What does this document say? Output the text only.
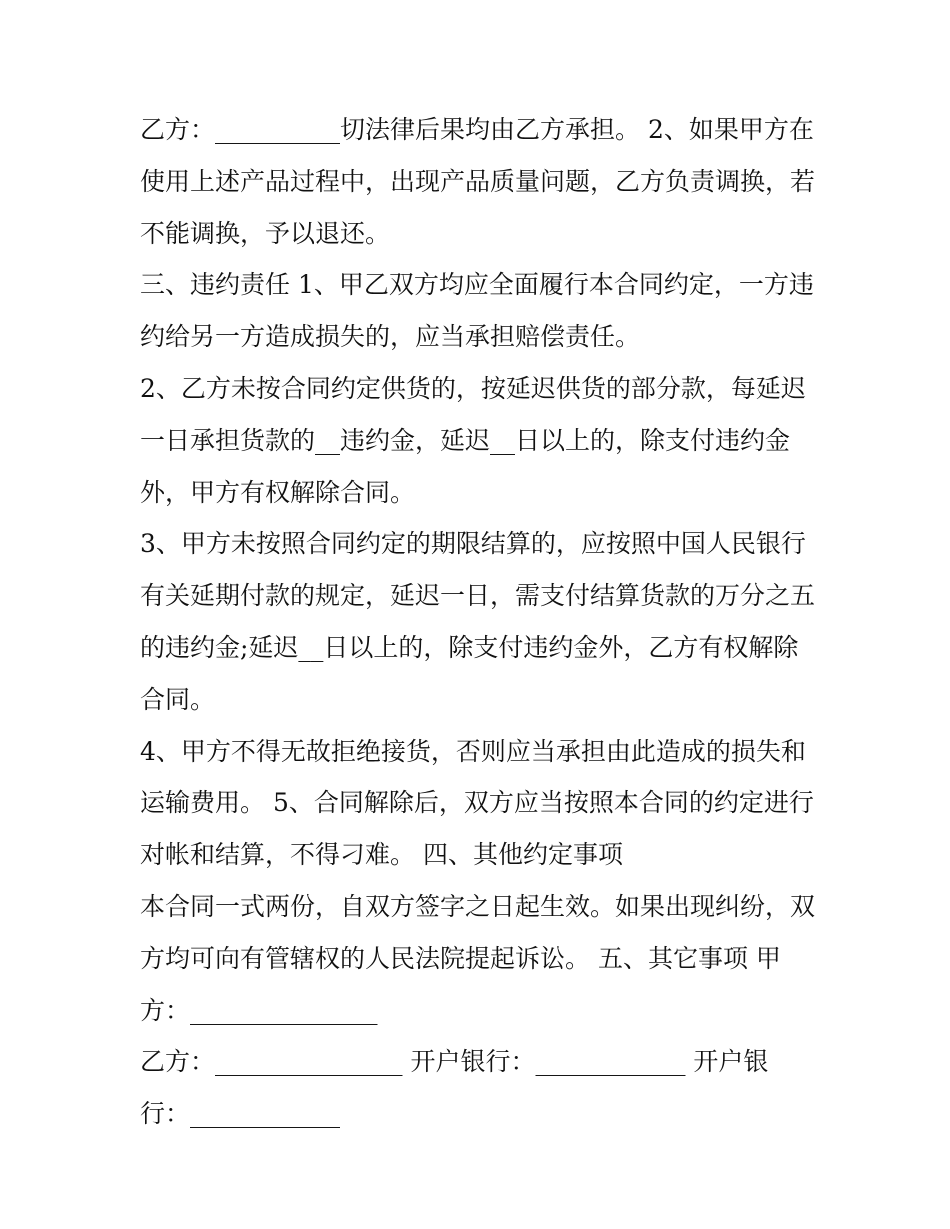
乙方：__________切法律后果均由乙方承担。 2、如果甲方在
使用上述产品过程中，出现产品质量问题，乙方负责调换，若
不能调换，予以退还。
三、违约责任 1、甲乙双方均应全面履行本合同约定，一方违
约给另一方造成损失的，应当承担赔偿责任。
2、乙方未按合同约定供货的，按延迟供货的部分款，每延迟
一日承担货款的__违约金，延迟__日以上的，除支付违约金
外，甲方有权解除合同。
3、甲方未按照合同约定的期限结算的，应按照中国人民银行
有关延期付款的规定，延迟一日，需支付结算货款的万分之五
的违约金;延迟__日以上的，除支付违约金外，乙方有权解除
合同。
4、甲方不得无故拒绝接货，否则应当承担由此造成的损失和
运输费用。 5、合同解除后，双方应当按照本合同的约定进行
对帐和结算，不得刁难。 四、其他约定事项
本合同一式两份，自双方签字之日起生效。如果出现纠纷，双
方均可向有管辖权的人民法院提起诉讼。 五、其它事项 甲
方：_______________
乙方：_______________ 开户银行：____________ 开户银
行：____________
